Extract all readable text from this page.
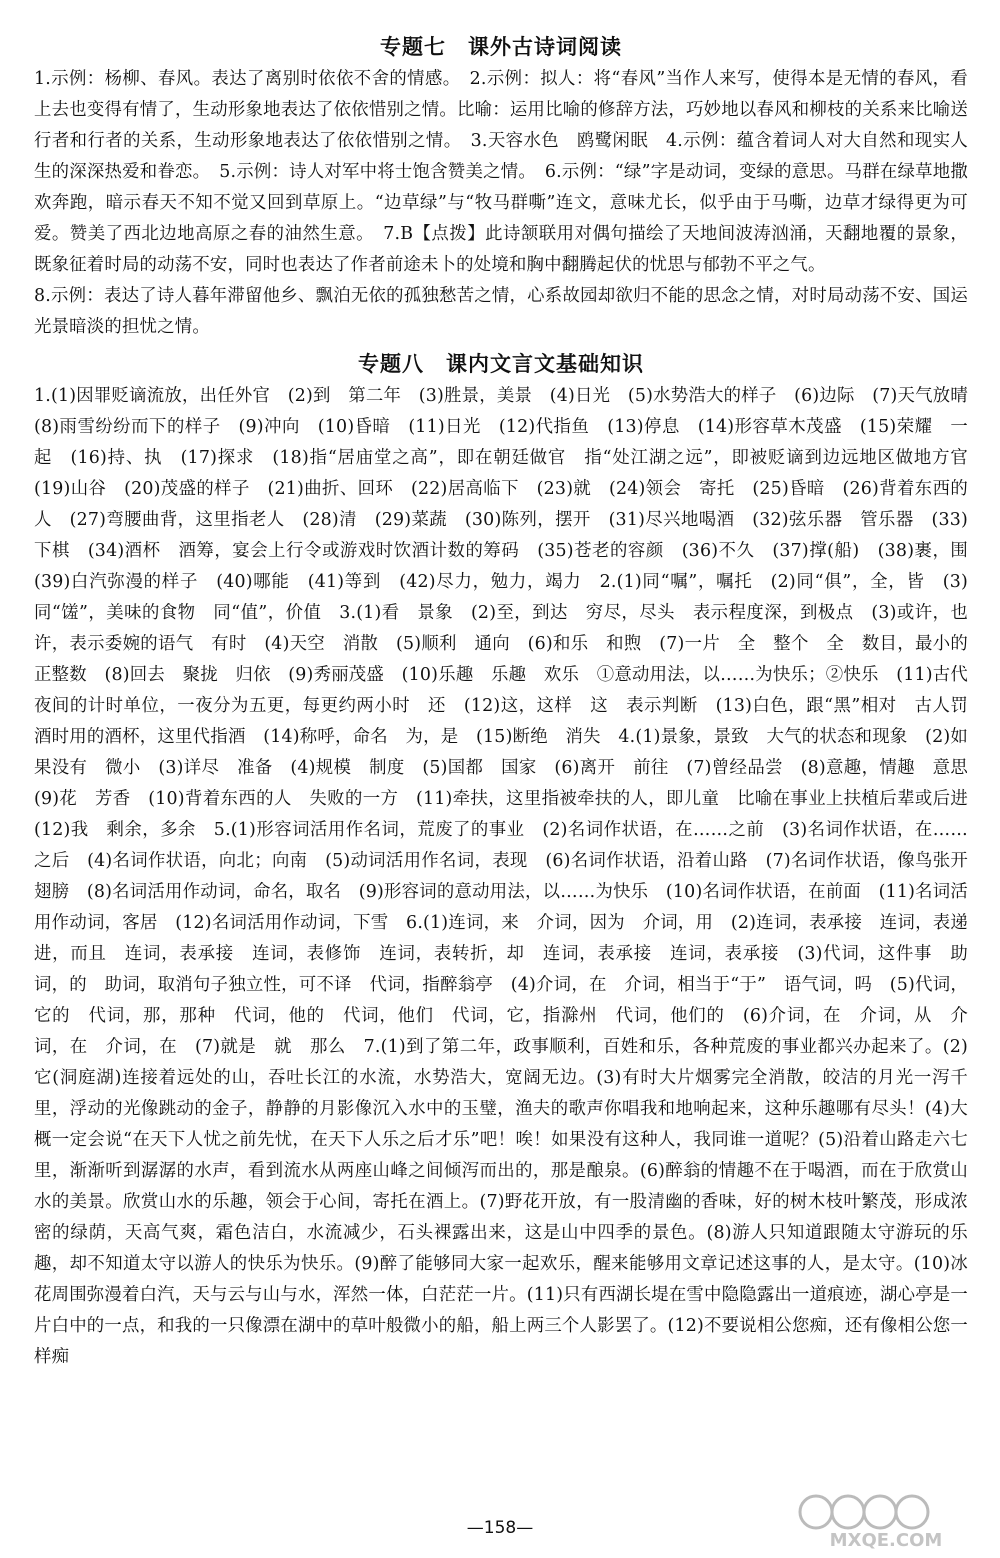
专题七　课外古诗词阅读

1.示例：杨柳、春风。表达了离别时依依不舍的情感。　2.示例：拟人：将“春风”当作人来写，使得本是无情的春风，看上去也变得有情了，生动形象地表达了依依惜别之情。比喻：运用比喻的修辞方法，巧妙地以春风和柳枝的关系来比喻送行者和行者的关系，生动形象地表达了依依惜别之情。　3.天容水色　鸥鹭闲眠　4.示例：蕴含着词人对大自然和现实人生的深深热爱和眷恋。　5.示例：诗人对军中将士饱含赞美之情。　6.示例：“绿”字是动词，变绿的意思。马群在绿草地撒欢奔跑，暗示春天不知不觉又回到草原上。“边草绿”与“牧马群嘶”连文，意味尤长，似乎由于马嘶，边草才绿得更为可爱。赞美了西北边地高原之春的油然生意。　7.B【点拨】此诗颔联用对偶句描绘了天地间波涛汹涌，天翻地覆的景象，既象征着时局的动荡不安，同时也表达了作者前途未卜的处境和胸中翻腾起伏的忧思与郁勃不平之气。

8.示例：表达了诗人暮年滞留他乡、飘泊无依的孤独愁苦之情，心系故园却欲归不能的思念之情，对时局动荡不安、国运光景暗淡的担忧之情。

专题八　课内文言文基础知识

1.(1)因罪贬谪流放，出任外官　(2)到　第二年　(3)胜景，美景　(4)日光　(5)水势浩大的样子　(6)边际　(7)天气放晴　(8)雨雪纷纷而下的样子　(9)冲向　(10)昏暗　(11)日光　(12)代指鱼　(13)停息　(14)形容草木茂盛　(15)荣耀　一起　(16)持、执　(17)探求　(18)指“居庙堂之高”，即在朝廷做官　指“处江湖之远”，即被贬谪到边远地区做地方官　(19)山谷　(20)茂盛的样子　(21)曲折、回环　(22)居高临下　(23)就　(24)领会　寄托　(25)昏暗　(26)背着东西的人　(27)弯腰曲背，这里指老人　(28)清　(29)菜蔬　(30)陈列，摆开　(31)尽兴地喝酒　(32)弦乐器　管乐器　(33)下棋　(34)酒杯　酒筹，宴会上行令或游戏时饮酒计数的筹码　(35)苍老的容颜　(36)不久　(37)撑(船)　(38)裹，围　(39)白汽弥漫的样子　(40)哪能　(41)等到　(42)尽力，勉力，竭力　2.(1)同“嘱”，嘱托　(2)同“俱”，全，皆　(3)同“馐”，美味的食物　同“值”，价值　3.(1)看　景象　(2)至，到达　穷尽，尽头　表示程度深，到极点　(3)或许，也许，表示委婉的语气　有时　(4)天空　消散　(5)顺利　通向　(6)和乐　和煦　(7)一片　全　整个　全　数目，最小的正整数　(8)回去　聚拢　归依　(9)秀丽茂盛　(10)乐趣　乐趣　欢乐　①意动用法，以……为快乐；②快乐　(11)古代夜间的计时单位，一夜分为五更，每更约两小时　还　(12)这，这样　这　表示判断　(13)白色，跟“黑”相对　古人罚酒时用的酒杯，这里代指酒　(14)称呼，命名　为，是　(15)断绝　消失　4.(1)景象，景致　大气的状态和现象　(2)如果没有　微小　(3)详尽　准备　(4)规模　制度　(5)国都　国家　(6)离开　前往　(7)曾经品尝　(8)意趣，情趣　意思　(9)花　芳香　(10)背着东西的人　失败的一方　(11)牵扶，这里指被牵扶的人，即儿童　比喻在事业上扶植后辈或后进　(12)我　剩余，多余　5.(1)形容词活用作名词，荒废了的事业　(2)名词作状语，在……之前　(3)名词作状语，在……之后　(4)名词作状语，向北；向南　(5)动词活用作名词，表现　(6)名词作状语，沿着山路　(7)名词作状语，像鸟张开翅膀　(8)名词活用作动词，命名，取名　(9)形容词的意动用法，以……为快乐　(10)名词作状语，在前面　(11)名词活用作动词，客居　(12)名词活用作动词，下雪　6.(1)连词，来　介词，因为　介词，用　(2)连词，表承接　连词，表递进，而且　连词，表承接　连词，表修饰　连词，表转折，却　连词，表承接　连词，表承接　(3)代词，这件事　助词，的　助词，取消句子独立性，可不译　代词，指醉翁亭　(4)介词，在　介词，相当于“于”　语气词，吗　(5)代词，它的　代词，那，那种　代词，他的　代词，他们　代词，它，指滁州　代词，他们的　(6)介词，在　介词，从　介词，在　介词，在　(7)就是　就　那么　7.(1)到了第二年，政事顺利，百姓和乐，各种荒废的事业都兴办起来了。(2)它(洞庭湖)连接着远处的山，吞吐长江的水流，水势浩大，宽阔无边。(3)有时大片烟雾完全消散，皎洁的月光一泻千里，浮动的光像跳动的金子，静静的月影像沉入水中的玉璧，渔夫的歌声你唱我和地响起来，这种乐趣哪有尽头！(4)大概一定会说“在天下人忧之前先忧，在天下人乐之后才乐”吧！唉！如果没有这种人，我同谁一道呢？(5)沿着山路走六七里，渐渐听到潺潺的水声，看到流水从两座山峰之间倾泻而出的，那是酿泉。(6)醉翁的情趣不在于喝酒，而在于欣赏山水的美景。欣赏山水的乐趣，领会于心间，寄托在酒上。(7)野花开放，有一股清幽的香味，好的树木枝叶繁茂，形成浓密的绿荫，天高气爽，霜色洁白，水流减少，石头裸露出来，这是山中四季的景色。(8)游人只知道跟随太守游玩的乐趣，却不知道太守以游人的快乐为快乐。(9)醉了能够同大家一起欢乐，醒来能够用文章记述这事的人，是太守。(10)冰花周围弥漫着白汽，天与云与山与水，浑然一体，白茫茫一片。(11)只有西湖长堤在雪中隐隐露出一道痕迹，湖心亭是一片白中的一点，和我的一只像漂在湖中的草叶般微小的船，船上两三个人影罢了。(12)不要说相公您痴，还有像相公您一样痴

—158—
MXQE.COM
